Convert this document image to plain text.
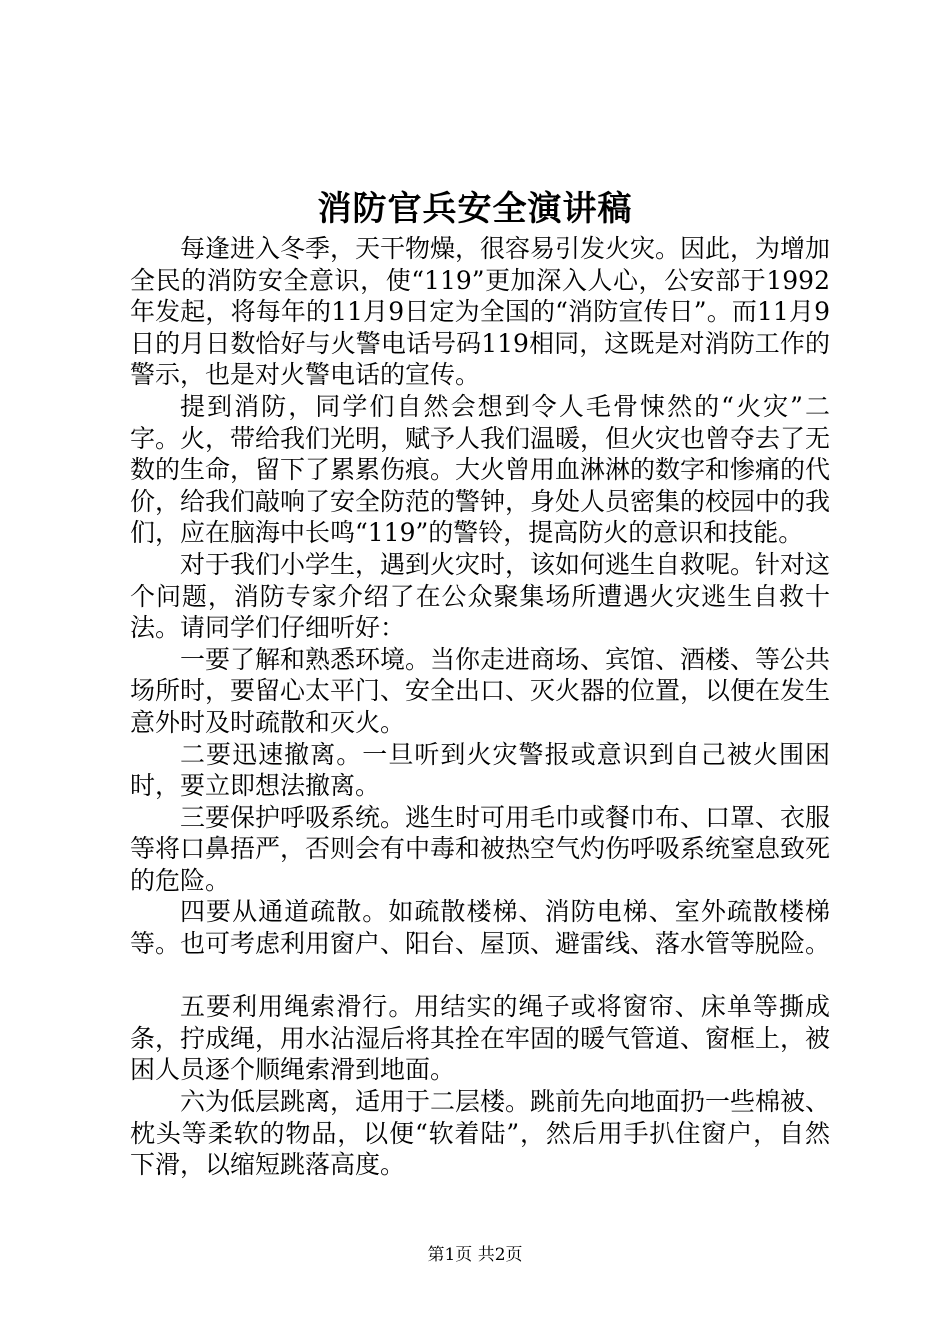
消防官兵安全演讲稿

每逢进入冬季，天干物燥，很容易引发火灾。因此，为增加全民的消防安全意识，使“119”更加深入人心，公安部于1992年发起，将每年的11月9日定为全国的“消防宣传日”。而11月9日的月日数恰好与火警电话号码119相同，这既是对消防工作的警示，也是对火警电话的宣传。

提到消防，同学们自然会想到令人毛骨悚然的“火灾”二字。火，带给我们光明，赋予人我们温暖，但火灾也曾夺去了无数的生命，留下了累累伤痕。大火曾用血淋淋的数字和惨痛的代价，给我们敲响了安全防范的警钟，身处人员密集的校园中的我们，应在脑海中长鸣“119”的警铃，提高防火的意识和技能。

对于我们小学生，遇到火灾时，该如何逃生自救呢。针对这个问题，消防专家介绍了在公众聚集场所遭遇火灾逃生自救十法。请同学们仔细听好：

一要了解和熟悉环境。当你走进商场、宾馆、酒楼、等公共场所时，要留心太平门、安全出口、灭火器的位置，以便在发生意外时及时疏散和灭火。

二要迅速撤离。一旦听到火灾警报或意识到自己被火围困时，要立即想法撤离。

三要保护呼吸系统。逃生时可用毛巾或餐巾布、口罩、衣服等将口鼻捂严，否则会有中毒和被热空气灼伤呼吸系统窒息致死的危险。

四要从通道疏散。如疏散楼梯、消防电梯、室外疏散楼梯等。也可考虑利用窗户、阳台、屋顶、避雷线、落水管等脱险。

五要利用绳索滑行。用结实的绳子或将窗帘、床单等撕成条，拧成绳，用水沾湿后将其拴在牢固的暖气管道、窗框上，被困人员逐个顺绳索滑到地面。

六为低层跳离，适用于二层楼。跳前先向地面扔一些棉被、枕头等柔软的物品，以便“软着陆”，然后用手扒住窗户，自然下滑，以缩短跳落高度。

第1页 共2页
